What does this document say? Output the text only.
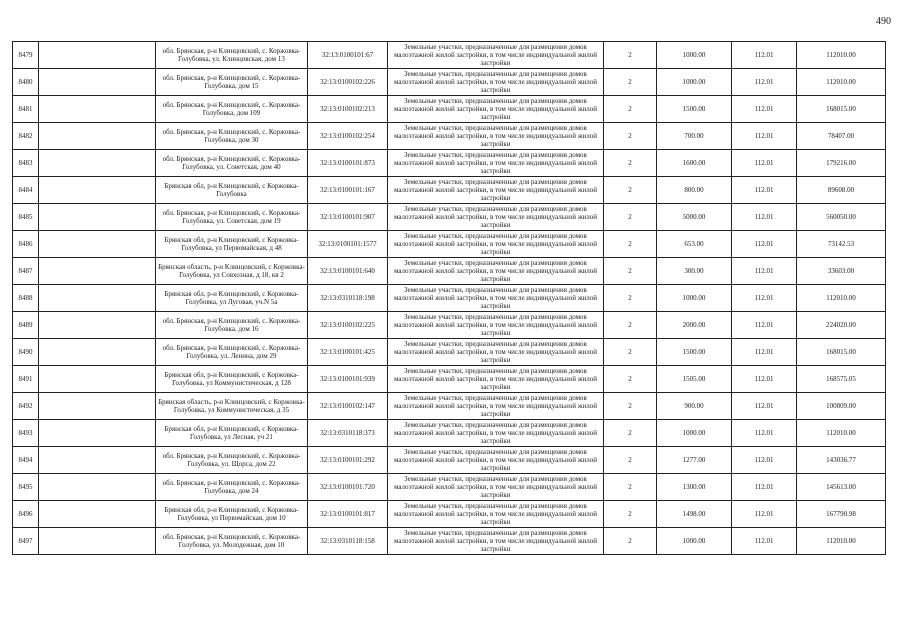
490
8479		обл. Брянская, р-н Клинцовский, с. Коржовка-Голубовка, ул. Клинцовская, дом 13	32:13:0100101:67	Земельные участки, предназначенные для размещения домов малоэтажной жилой застройки, в том числе индивидуальной жилой застройки	2	1000.00	112.01	112010.00
8480		обл. Брянская, р-н Клинцовский, с. Коржовка-Голубовка, дом 15	32:13:0100102:226	Земельные участки, предназначенные для размещения домов малоэтажной жилой застройки, в том числе индивидуальной жилой застройки	2	1000.00	112.01	112010.00
8481		обл. Брянская, р-н Клинцовский, с. Коржовка-Голубовка, дом 109	32:13:0100102:213	Земельные участки, предназначенные для размещения домов малоэтажной жилой застройки, в том числе индивидуальной жилой застройки	2	1500.00	112.01	168015.00
8482		обл. Брянская, р-н Клинцовский, с. Коржовка-Голубовка, дом 30	32:13:0100102:254	Земельные участки, предназначенные для размещения домов малоэтажной жилой застройки, в том числе индивидуальной жилой застройки	2	700.00	112.01	78407.00
8483		обл. Брянская, р-н Клинцовский, с. Коржовка-Голубовка, ул. Советская, дом 40	32:13:0100101:873	Земельные участки, предназначенные для размещения домов малоэтажной жилой застройки, в том числе индивидуальной жилой застройки	2	1600.00	112.01	179216.00
8484		Брянская обл, р-н Клинцовский, с Коржовка-Голубовка	32:13:0100101:167	Земельные участки, предназначенные для размещения домов малоэтажной жилой застройки, в том числе индивидуальной жилой застройки	2	800.00	112.01	89608.00
8485		обл. Брянская, р-н Клинцовский, с. Коржовка-Голубовка, ул. Советская, дом 19	32:13:0100101:907	Земельные участки, предназначенные для размещения домов малоэтажной жилой застройки, в том числе индивидуальной жилой застройки	2	5000.00	112.01	560050.00
8486		Брянская обл, р-н Клинцовский, с Коржовка-Голубовка, ул Первомайская, д 48	32:13:0100101:1577	Земельные участки, предназначенные для размещения домов малоэтажной жилой застройки, в том числе индивидуальной жилой застройки	2	653.00	112.01	73142.53
8487		Брянская область, р-н Клинцовский, с Коржовка-Голубовка, ул Совхозная, д 18, кв 2	32:13:0100101:640	Земельные участки, предназначенные для размещения домов малоэтажной жилой застройки, в том числе индивидуальной жилой застройки	2	300.00	112.01	33603.00
8488		Брянская обл, р-н Клинцовский, с Коржовка-Голубовка, ул Луговая, уч.N 5а	32:13:0310118:198	Земельные участки, предназначенные для размещения домов малоэтажной жилой застройки, в том числе индивидуальной жилой застройки	2	1000.00	112.01	112010.00
8489		обл. Брянская, р-н Клинцовский, с. Коржовка-Голубовка, дом 16	32:13:0100102:225	Земельные участки, предназначенные для размещения домов малоэтажной жилой застройки, в том числе индивидуальной жилой застройки	2	2000.00	112.01	224020.00
8490		обл. Брянская, р-н Клинцовский, с. Коржовка-Голубовка, ул. Ленина, дом 29	32:13:0100101:425	Земельные участки, предназначенные для размещения домов малоэтажной жилой застройки, в том числе индивидуальной жилой застройки	2	1500.00	112.01	168015.00
8491		Брянская обл, р-н Клинцовский, с Коржовка-Голубовка, ул Коммунистическая, д 128	32:13:0100101:939	Земельные участки, предназначенные для размещения домов малоэтажной жилой застройки, в том числе индивидуальной жилой застройки	2	1505.00	112.01	168575.05
8492		Брянская область, р-н Клинцовский, с Коржовка-Голубовка, ул Коммунистическая, д 35	32:13:0100102:147	Земельные участки, предназначенные для размещения домов малоэтажной жилой застройки, в том числе индивидуальной жилой застройки	2	900.00	112.01	100809.00
8493		Брянская обл, р-н Клинцовский, с Коржовка-Голубовка, ул Лесная, уч 21	32:13:0310118:373	Земельные участки, предназначенные для размещения домов малоэтажной жилой застройки, в том числе индивидуальной жилой застройки	2	1000.00	112.01	112010.00
8494		обл. Брянская, р-н Клинцовский, с. Коржовка-Голубовка, ул. Щорса, дом 22	32:13:0100101:292	Земельные участки, предназначенные для размещения домов малоэтажной жилой застройки, в том числе индивидуальной жилой застройки	2	1277.00	112.01	143036.77
8495		обл. Брянская, р-н Клинцовский, с. Коржовка-Голубовка, дом 24	32:13:0100101:720	Земельные участки, предназначенные для размещения домов малоэтажной жилой застройки, в том числе индивидуальной жилой застройки	2	1300.00	112.01	145613.00
8496		Брянская обл, р-н Клинцовский, с Коржовка-Голубовка, ул Первомайская, дом 10	32:13:0100101:817	Земельные участки, предназначенные для размещения домов малоэтажной жилой застройки, в том числе индивидуальной жилой застройки	2	1498.00	112.01	167790.98
8497		обл. Брянская, р-н Клинцовский, с. Коржовка-Голубовка, ул. Молодежная, дом 10	32:13:0310118:158	Земельные участки, предназначенные для размещения домов малоэтажной жилой застройки, в том числе индивидуальной жилой застройки	2	1000.00	112.01	112010.00
